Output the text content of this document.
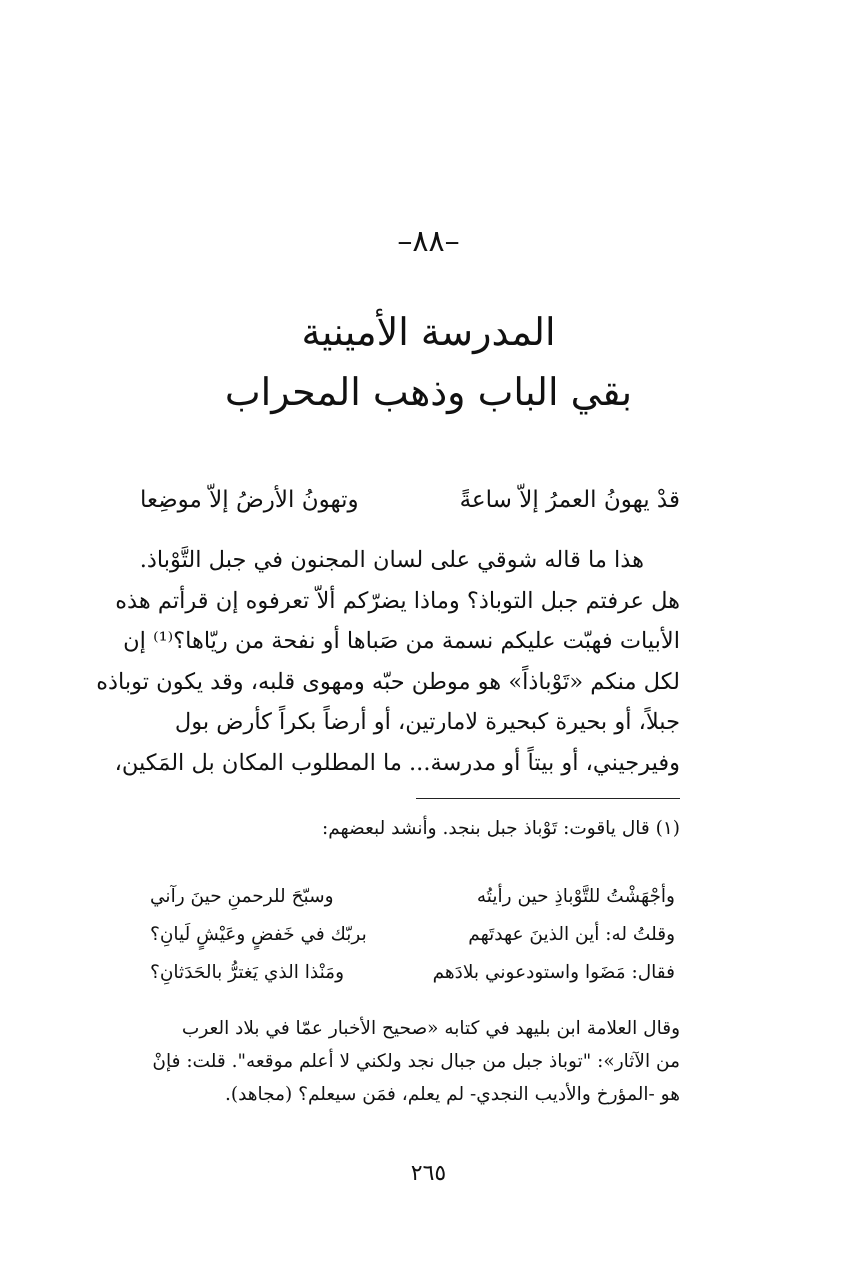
–٨٨–
المدرسة الأمينية
بقي الباب وذهب المحراب
قدْ يهونُ العمرُ إلاّ ساعةً
وتهونُ الأرضُ إلاّ موضِعا
هذا ما قاله شوقي على لسان المجنون في جبل التَّوْباذ.
هل عرفتم جبل التوباذ؟ وماذا يضرّكم ألاّ تعرفوه إن قرأتم هذه
الأبيات فهبّت عليكم نسمة من صَباها أو نفحة من ريّاها؟⁽¹⁾ إن
لكل منكم «تَوْباذاً» هو موطن حبّه ومهوى قلبه، وقد يكون توباذه
جبلاً، أو بحيرة كبحيرة لامارتين، أو أرضاً بكراً كأرض بول
وفيرجيني، أو بيتاً أو مدرسة... ما المطلوب المكان بل المَكين،
(١) قال ياقوت: تَوْباذ جبل بنجد. وأنشد لبعضهم:
وأجْهَشْتُ للتَّوْباذِ حين رأيتُه
وسبّحَ للرحمنِ حينَ رآني
وقلتُ له: أين الذينَ عهدتَهم
بربّك في خَفضٍ وعَيْشٍ لَيانِ؟
فقال: مَضَوا واستودعوني بلادَهم
ومَنْذا الذي يَغترُّ بالحَدَثانِ؟
وقال العلامة ابن بليهد في كتابه «صحيح الأخبار عمّا في بلاد العرب
من الآثار»: "توباذ جبل من جبال نجد ولكني لا أعلم موقعه". قلت: فإنْ
هو -المؤرخ والأديب النجدي- لم يعلم، فمَن سيعلم؟ (مجاهد).
٢٦٥
